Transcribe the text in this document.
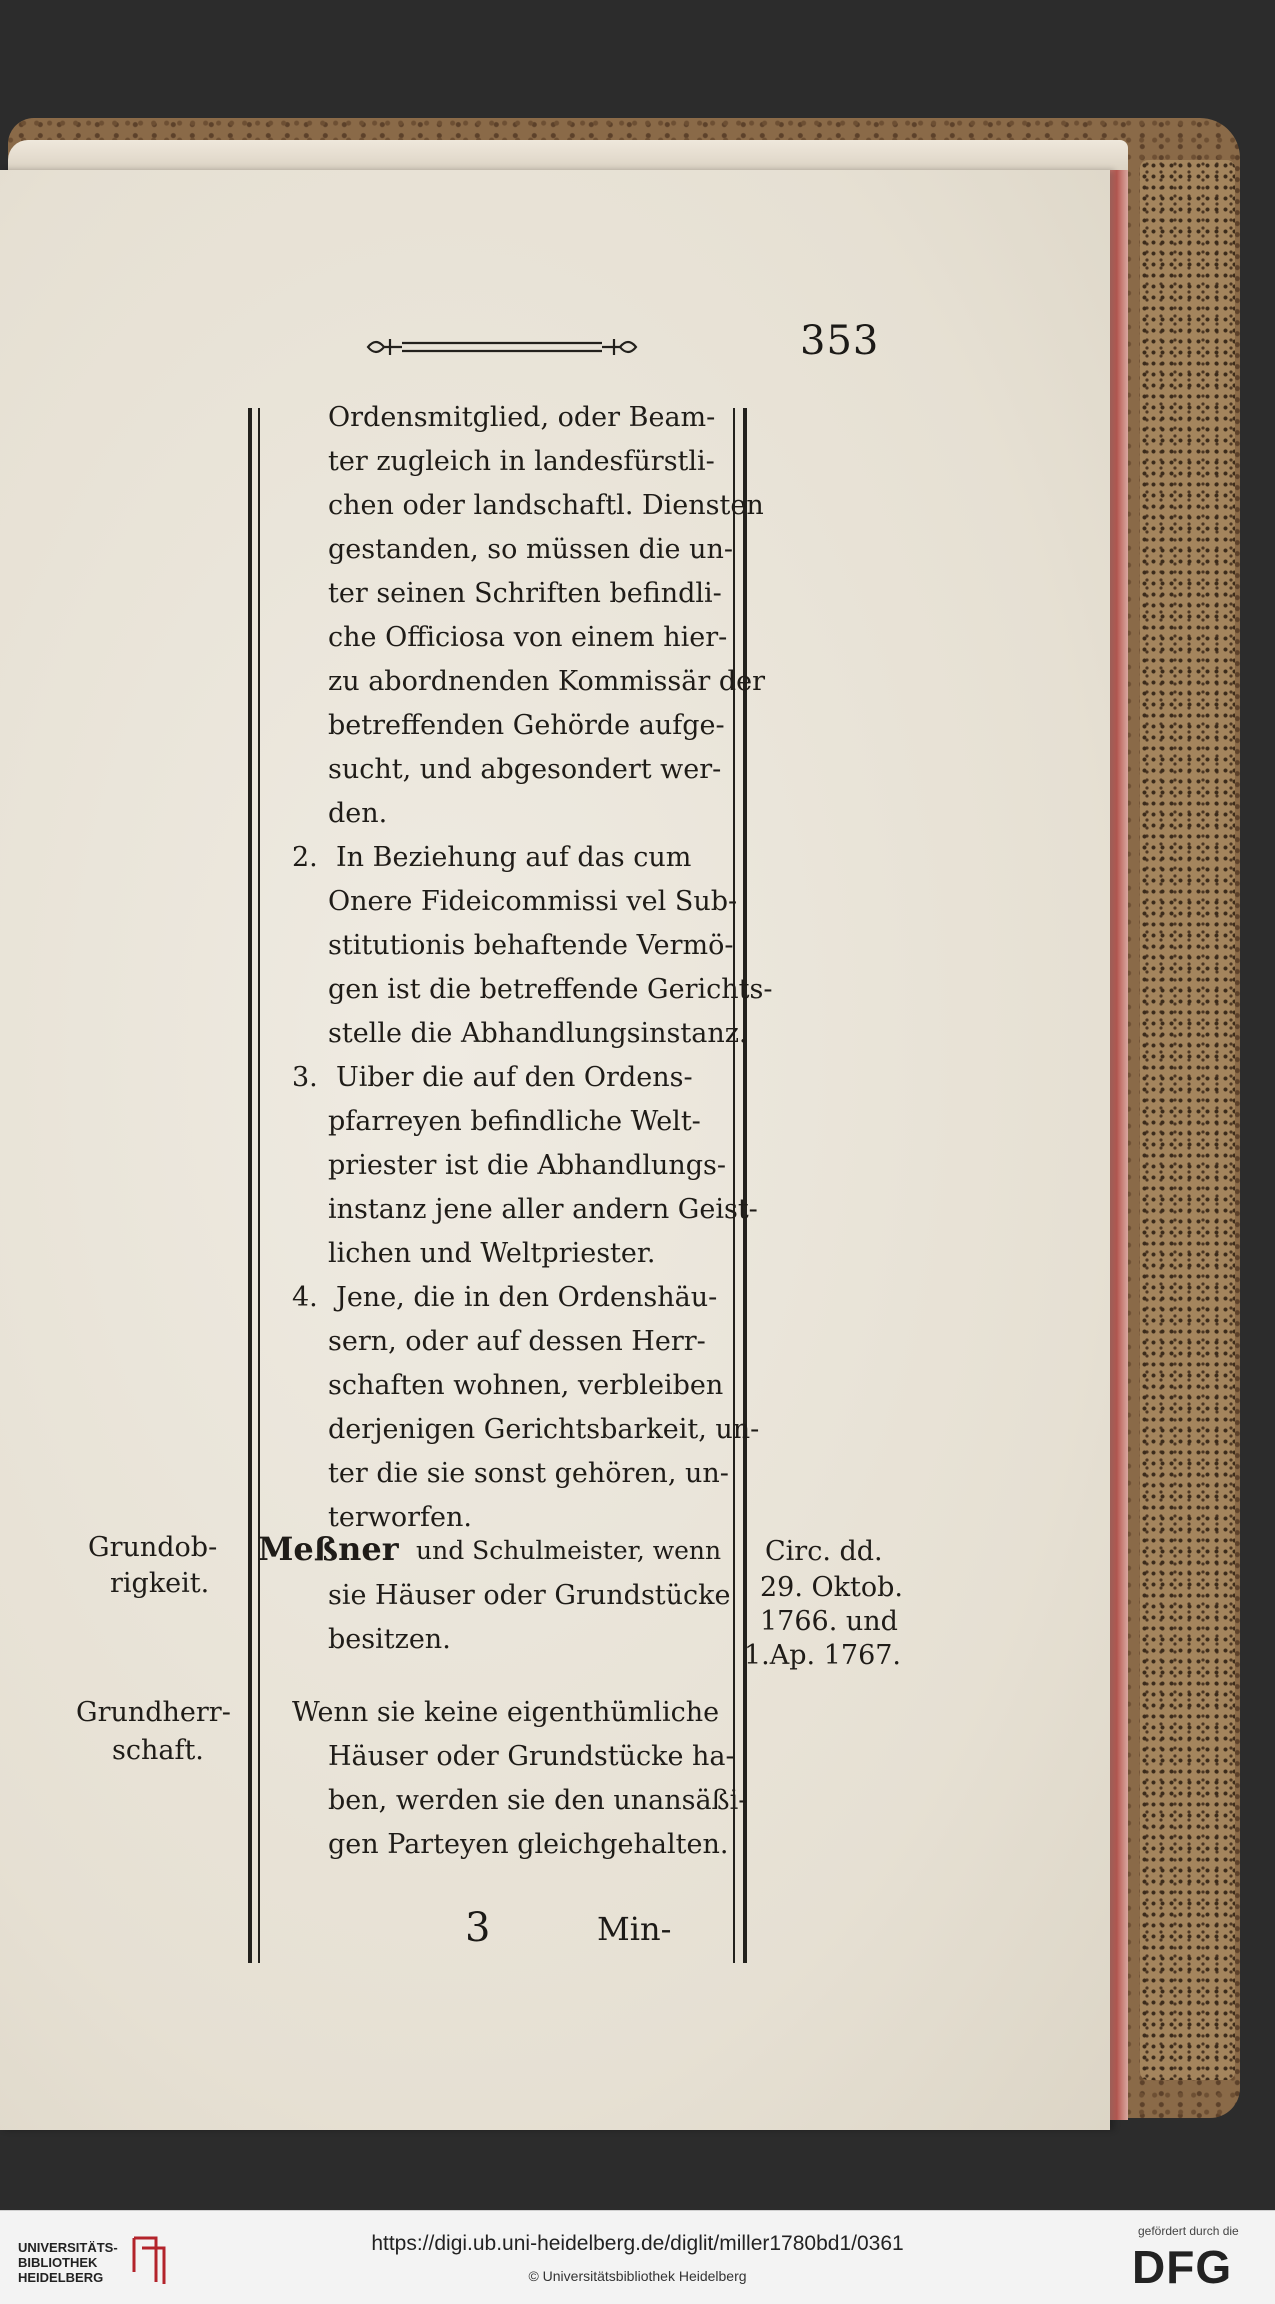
353
Ordensmitglied, oder Beam-
ter zugleich in landesfürstli-
chen oder landschaftl. Diensten
gestanden, so müssen die un-
ter seinen Schriften befindli-
che Officiosa von einem hier-
zu abordnenden Kommissär der
betreffenden Gehörde aufge-
sucht, und abgesondert wer-
den.
2. In Beziehung auf das cum
Onere Fideicommissi vel Sub-
stitutionis behaftende Vermö-
gen ist die betreffende Gerichts-
stelle die Abhandlungsinstanz.
3. Uiber die auf den Ordens-
pfarreyen befindliche Welt-
priester ist die Abhandlungs-
instanz jene aller andern Geist-
lichen und Weltpriester.
4. Jene, die in den Ordenshäu-
sern, oder auf dessen Herr-
schaften wohnen, verbleiben
derjenigen Gerichtsbarkeit, un-
ter die sie sonst gehören, un-
terworfen.
Meßner und Schulmeister, wenn
sie Häuser oder Grundstücke
besitzen.
Wenn sie keine eigenthümliche
Häuser oder Grundstücke ha-
ben, werden sie den unansäßi-
gen Parteyen gleichgehalten.
Grundob-
rigkeit.
Grundherr-
schaft.
Circ. dd.
29. Oktob.
1766. und
1.Ap. 1767.
3	Min-
UNIVERSITÄTS-
BIBLIOTHEK
HEIDELBERG
https://digi.ub.uni-heidelberg.de/diglit/miller1780bd1/0361
© Universitätsbibliothek Heidelberg
gefördert durch die
DFG
